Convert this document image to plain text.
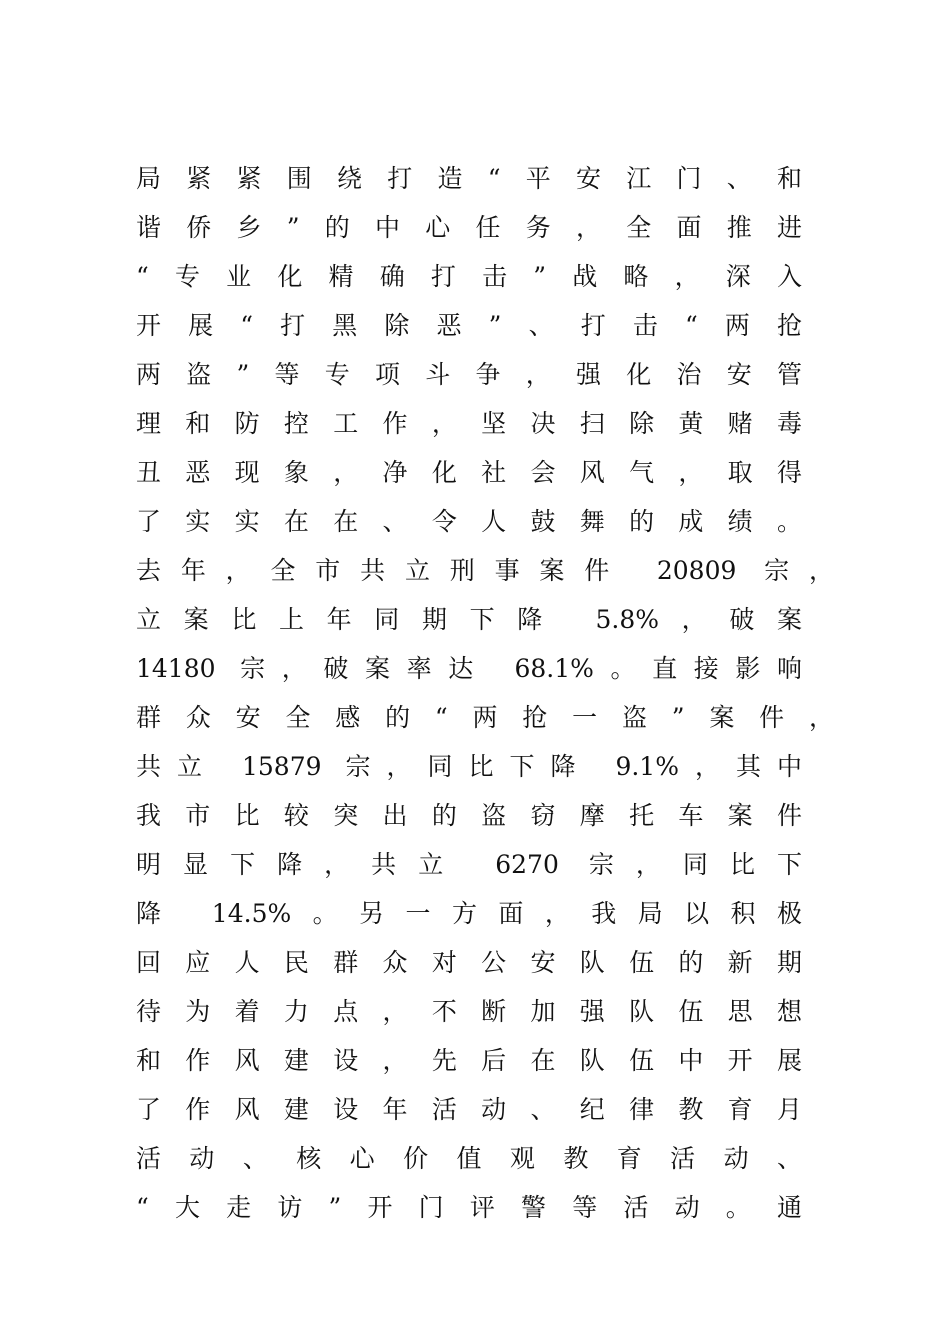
局紧紧围绕打造“平安江门、和
谐侨乡”的中心任务，全面推进
“专业化精确打击”战略，深入
开展“打黑除恶”、打击“两抢
两盗”等专项斗争，强化治安管
理和防控工作，坚决扫除黄赌毒
丑恶现象，净化社会风气，取得
了实实在在、令人鼓舞的成绩。
去年，全市共立刑事案件 20809 宗，
立案比上年同期下降 5.8%，破案
14180 宗，破案率达 68.1%。直接影响
群众安全感的“两抢一盗”案件，
共立 15879 宗，同比下降 9.1%，其中
我市比较突出的盗窃摩托车案件
明显下降，共立 6270 宗，同比下
降 14.5%。另一方面，我局以积极
回应人民群众对公安队伍的新期
待为着力点，不断加强队伍思想
和作风建设，先后在队伍中开展
了作风建设年活动、纪律教育月
活动、核心价值观教育活动、
“大走访”开门评警等活动。通
